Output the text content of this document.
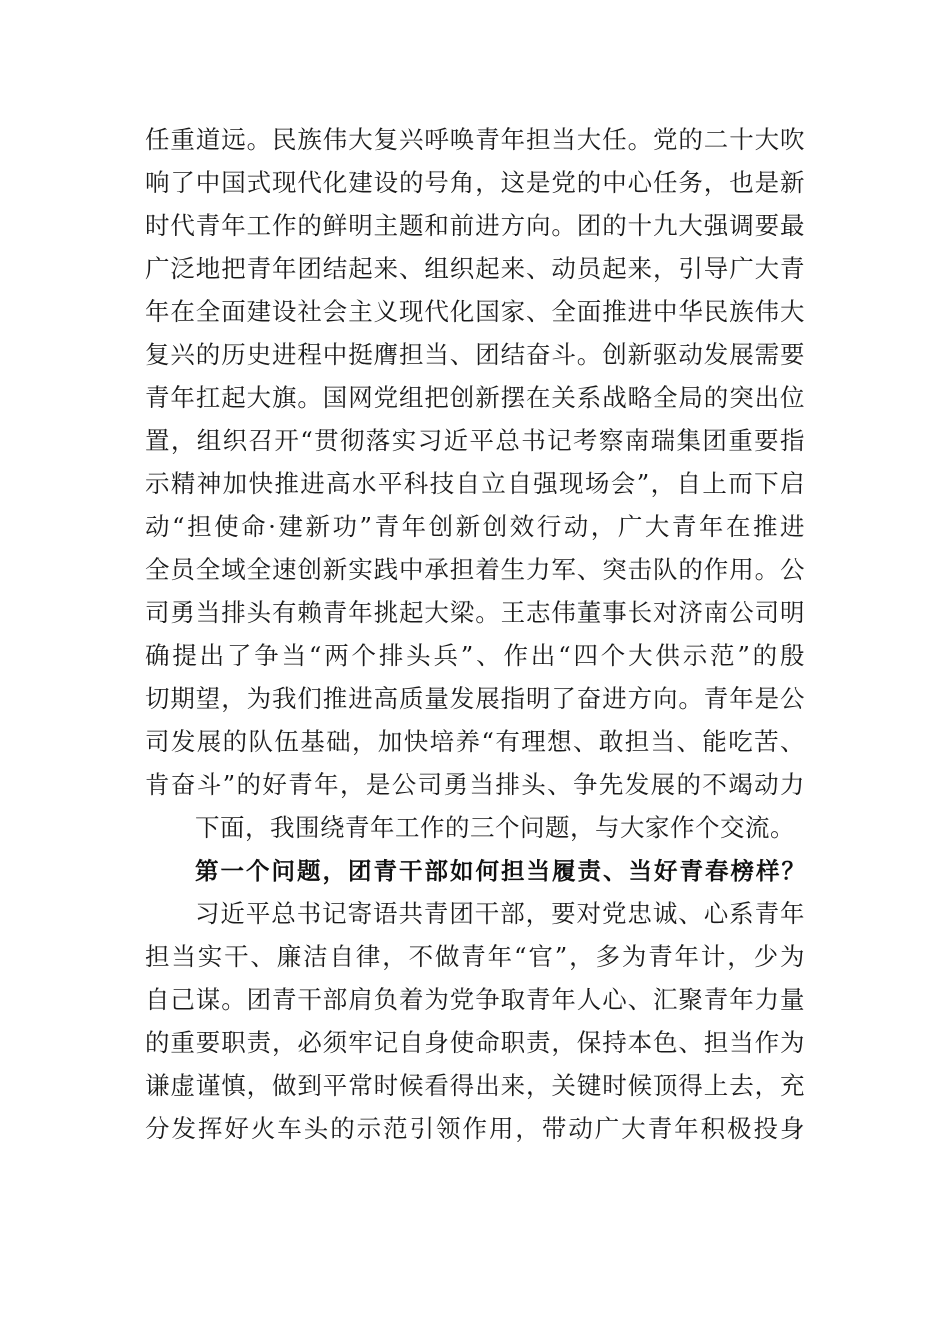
任重道远。民族伟大复兴呼唤青年担当大任。党的二十大吹
响了中国式现代化建设的号角，这是党的中心任务，也是新
时代青年工作的鲜明主题和前进方向。团的十九大强调要最
广泛地把青年团结起来、组织起来、动员起来，引导广大青
年在全面建设社会主义现代化国家、全面推进中华民族伟大
复兴的历史进程中挺膺担当、团结奋斗。创新驱动发展需要
青年扛起大旗。国网党组把创新摆在关系战略全局的突出位
置，组织召开“贯彻落实习近平总书记考察南瑞集团重要指
示精神加快推进高水平科技自立自强现场会”，自上而下启
动“担使命·建新功”青年创新创效行动，广大青年在推进
全员全域全速创新实践中承担着生力军、突击队的作用。公
司勇当排头有赖青年挑起大梁。王志伟董事长对济南公司明
确提出了争当“两个排头兵”、作出“四个大供示范”的殷
切期望，为我们推进高质量发展指明了奋进方向。青年是公
司发展的队伍基础，加快培养“有理想、敢担当、能吃苦、
肯奋斗”的好青年，是公司勇当排头、争先发展的不竭动力
下面，我围绕青年工作的三个问题，与大家作个交流。
第一个问题，团青干部如何担当履责、当好青春榜样？
习近平总书记寄语共青团干部，要对党忠诚、心系青年
担当实干、廉洁自律，不做青年“官”，多为青年计，少为
自己谋。团青干部肩负着为党争取青年人心、汇聚青年力量
的重要职责，必须牢记自身使命职责，保持本色、担当作为
谦虚谨慎，做到平常时候看得出来，关键时候顶得上去，充
分发挥好火车头的示范引领作用，带动广大青年积极投身
